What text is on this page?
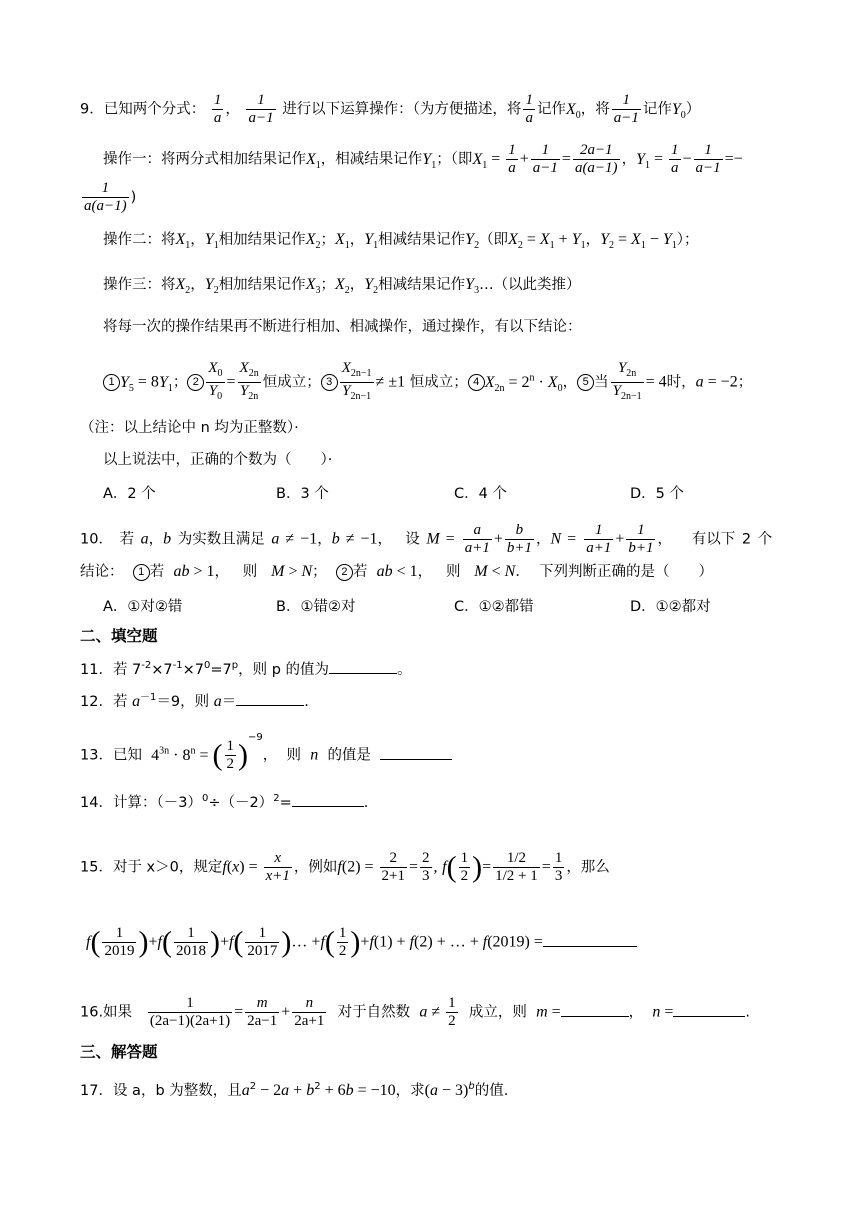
9．已知两个分式： $\frac{1}{a}$ ， $\frac{1}{a-1}$ 进行以下运算操作：（为方便描述，将 $\frac{1}{a}$ 记作$X_0$，将 $\frac{1}{a-1}$ 记作$Y_0$）
操作一：将两分式相加结果记作$X_1$，相减结果记作$Y_1$；（即$X_1 = \frac{1}{a} + \frac{1}{a-1} = \frac{2a-1}{a(a-1)}$ ，$Y_1 = \frac{1}{a} - \frac{1}{a-1}$ =−
$\frac{1}{a(a-1)}$ )
操作二：将$X_1$，$Y_1$相加结果记作$X_2$；$X_1$，$Y_1$相减结果记作$Y_2$（即$X_2 = X_1 + Y_1$，$Y_2 = X_1 - Y_1$）；
操作三：将$X_2$，$Y_2$相加结果记作$X_3$；$X_2$，$Y_2$相减结果记作$Y_3\dots$（以此类推）
将每一次的操作结果再不断进行相加、相减操作，通过操作，有以下结论：
1 $Y_5 = 8Y_1$； $2 \frac{X_0}{Y_0} = \frac{X_{2n}}{Y_{2n}}$ 恒成立； $3 \frac{X_{2n-1}}{Y_{2n-1}} \ne \pm 1$ 恒成立； 4 $X_{2n} = 2^n \cdot X_0$， 5 当 $\frac{Y_{2n}}{Y_{2n-1}} = 4$时，a = −2；
（注：以上结论中 n 均为正整数）·
以上说法中，正确的个数为（　　）·
A．2 个	B．3 个	C．4 个	D．5 个
10． 若 a，b 为实数且满足 a ≠ −1，b ≠ −1，  设 $M = \frac{a}{a+1} + \frac{b}{b+1}$ ，$N = \frac{1}{a+1} + \frac{1}{b+1}$ ，   有以下 2 个
结论： 1 若 ab > 1，   则 M > N；  2 若 ab < 1，   则 M < N．  下列判断正确的是（　　）
A．①对②错	B．①错②对	C．①②都错	D．①②都对
二、填空题
11．若 $7^{-2}\times 7^{-1}\times 7^0=7^p$，则 p 的值为	。
12．若 $a^{-1}=9$，则 a＝	.
13．已知 $4^{3n} \cdot 8^n$ = ( $\frac{1}{2} )^{-9}$，  则 n 的值是
14．计算：$(-3)^0\div(-2)^2=$	.
15．对于 x＞0，规定$f(x) = \frac{x}{x+1}$ ，例如$f(2) = \frac{2}{2+1} = \frac{2}{3}$ , $f( \frac{1}{2}$ )= $\frac{1/2}{1/2 + 1} = \frac{1}{3}$ ，那么
$f( \frac{1}{2019} )+f( \frac{1}{2018} )+f( \frac{1}{2017}$ )… $+f( \frac{1}{2} )+f(1) + f(2)$ + … + f(2019) =
16.如果 $\frac{1}{(2a-1)(2a+1)} = \frac{m}{2a-1} + \frac{n}{2a+1}$ 对于自然数 $a \ne \frac{1}{2}$ 成立，则 m =	， n =	.
三、解答题
17．设 a，b 为整数，且$a^2 - 2a + b^2 + 6b = -10$，求$(a - 3)^b$的值.
